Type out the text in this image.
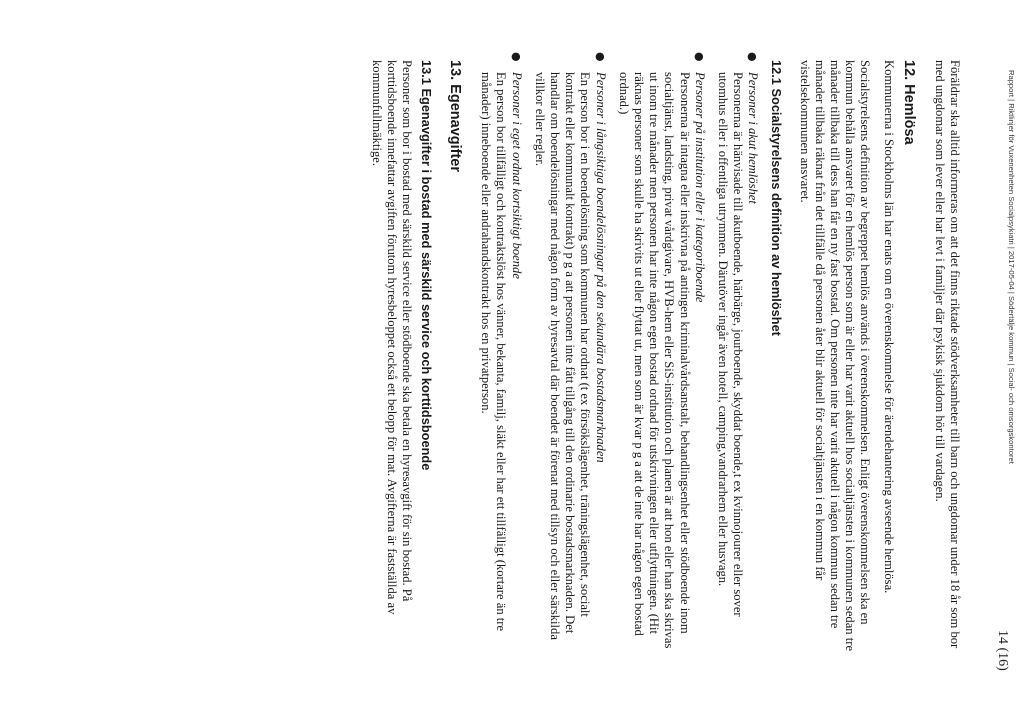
Rapport | Riktlinjer för Vuxenenheten Socialpsykiatri | 2017-05-04 | Södertälje kommun | Social- och omsorgskontoret
14 (16)

Föräldrar ska alltid informeras om att det finns riktade stödverksamheter till barn och ungdomar under 18 år som bor med ungdomar som lever eller har levt i familjer där psykisk sjukdom hör till vardagen.

12. Hemlösa

Kommunerna i Stockholms län har enats om en överenskommelse för ärendehantering avseende hemlösa.

Socialstyrelsens definition av begreppet hemlös används i överenskommelsen. Enligt överenskommelsen ska en kommun behålla ansvaret för en hemlös person som är eller har varit aktuell hos socialtjänsten i kommunen sedan tre månader tillbaka till dess han får en ny fast bostad. Om personen inte har varit aktuell i någon kommun sedan tre månader tillbaka räknat från det tillfälle då personen åter blir aktuell för socialtjänsten i en kommun får vistelsekommunen ansvaret.

12.1 Socialstyrelsens definition av hemlöshet
●
Personer i akut hemlöshet

Personerna är hänvisade till akutboende, härbärge, jourboende, skyddat boende,t ex kvinnojourer eller sover utomhus eller i offentliga utrymmen. Därutöver ingår även hotell, camping,vandrarhem eller husvagn.

●
Personer på institution eller i kategoriboende

Personerna är intagna eller inskrivna på antingen kriminalvårdsanstalt, behandlingsenhet eller stödboende inom socialtjänst, landsting, privat vårdgivare, HVB-hem eller SiS-institution och planen är att hon eller han ska skrivas ut inom tre månader men personen har inte någon egen bostad ordnad för utskrivningen eller utflyttningen. (Hit räknas personer som skulle ha skrivits ut eller flyttat ut, men som är kvar p g a att de inte har någon egen bostad ordnad.)

●
Personer i långsiktiga boendelösningar på den sekundära bostadsmarknaden

En person bor i en boendelösning som kommunen har ordnat (t ex försökslägenhet, träningslägenhet, socialt kontrakt eller kommunalt kontrakt) p g a att personen inte fått tillgång till den ordinarie bostadsmarknaden. Det handlar om boendelösningar med någon form av hyresavtal där boendet är förenat med tillsyn och eller särskilda villkor eller regler.

●
Personer i eget ordnat kortsiktigt boende

En person bor tillfälligt och kontraktslöst hos vänner, bekanta, familj, släkt eller har ett tillfälligt (kortare än tre månader) inneboende eller andrahandskontrakt hos en privatperson.

13. Egenavgifter
13.1 Egenavgifter i bostad med särskild service och korttidsboende

Personer som bor i bostad med särskild service eller stödboende ska betala en hyresavgift för sin bostad. På korttidsboende innefattar avgiften förutom hyresbeloppet också ett belopp för mat. Avgifterna är fastställda av kommunfullmäktige.
